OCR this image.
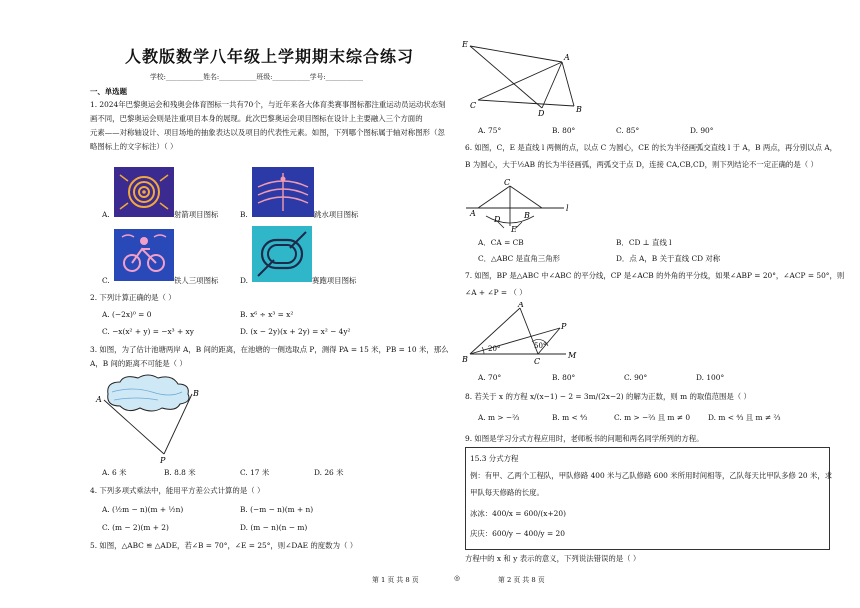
人教版数学八年级上学期期末综合练习
学校:___________姓名:___________班级:___________学号:___________
一、单选题
1. 2024年巴黎奥运会和残奥会体育图标一共有70个，与近年来各大体育类赛事图标都注重运动员运动状态刻
画不同，巴黎奥运会则是注重项目本身的展现。此次巴黎奥运会项目图标在设计上主要融入三个方面的
元素——对称轴设计、项目场地的抽象表达以及项目的代表性元素。如图，下列哪个图标属于轴对称图形（忽
略图标上的文字标注）（ ）
A.	射箭项目图标	B.	跳水项目图标
C.	铁人三项图标	D.	赛跑项目图标
2. 下列计算正确的是（ ）
A. (−2x)⁰ = 0	B. x⁶ ÷ x³ = x²
C. −x(x² + y) = −x³ + xy	D. (x − 2y)(x + 2y) = x² − 4y²
3. 如图，为了估计池塘两岸 A，B 间的距离，在池塘的一侧选取点 P，测得 PA = 15 米，PB = 10 米，那么
A，B 间的距离不可能是（ ）
A
B
P
A. 6 米	B. 8.8 米	C. 17 米	D. 26 米
4. 下列多项式乘法中，能用平方差公式计算的是（ ）
A. (½m − n)(m + ½n)	B. (−m − n)(m + n)
C. (m − 2)(m + 2)	D. (m − n)(n − m)
5. 如图，△ABC ≌ △ADE，若∠B = 70°，∠E = 25°，则∠DAE 的度数为（ ）
E
A
C
D	B
A. 75°	B. 80°	C. 85°	D. 90°
6. 如图，C，E 是直线 l 两侧的点，以点 C 为圆心，CE 的长为半径画弧交直线 l 于 A，B 两点，再分别以点 A，
B 为圆心，大于½AB 的长为半径画弧，两弧交于点 D，连接 CA,CB,CD，则下列结论不一定正确的是（ ）
C
A
D	B
E
l
A．CA = CB	B．CD ⊥ 直线 l
C．△ABC 是直角三角形	D．点 A，B 关于直线 CD 对称
7. 如图，BP 是△ABC 中∠ABC 的平分线，CP 是∠ACB 的外角的平分线，如果∠ABP = 20°，∠ACP = 50°，则
∠A + ∠P = （ ）
A
P
B	C
M
20°	50°
A. 70°	B. 80°	C. 90°	D. 100°
8. 若关于 x 的方程 x/(x−1) − 2 = 3m/(2x−2) 的解为正数，则 m 的取值范围是（ ）
A. m > −⅔	B. m < ⁴⁄₃	C. m > −⅔ 且 m ≠ 0 D. m < ⁴⁄₃ 且 m ≠ ⅔
9. 如图是学习分式方程应用时，老师板书的问题和两名同学所列的方程。
15.3 分式方程
例：有甲、乙两个工程队，甲队修路 400 米与乙队修路 600 米所用时间相等，乙队每天比甲队多修 20 米，求
甲队每天修路的长度。
冰冰：400/x = 600/(x+20)
庆庆：600/y − 400/y = 20
方程中的 x 和 y 表示的意义，下列说法错误的是（ ）
第 1 页 共 8 页	◎	第 2 页 共 8 页
